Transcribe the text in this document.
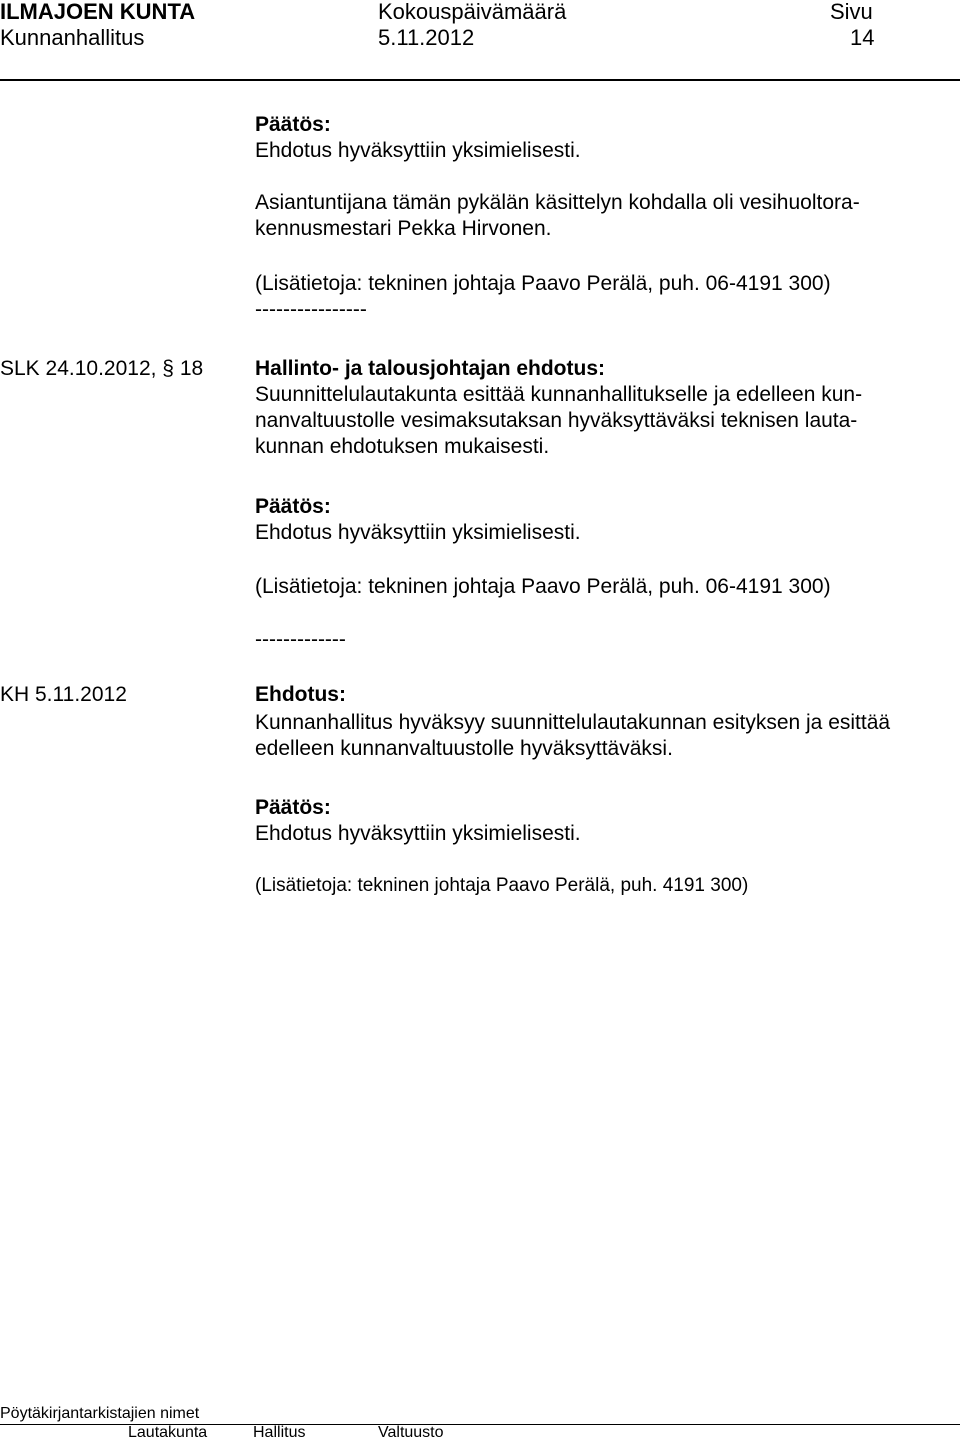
ILMAJOEN KUNTA	Kokouspäivämäärä	Sivu
Kunnanhallitus	5.11.2012	14
Päätös:
Ehdotus hyväksyttiin yksimielisesti.
Asiantuntijana tämän pykälän käsittelyn kohdalla oli vesihuoltora-
kennusmestari Pekka Hirvonen.
(Lisätietoja: tekninen johtaja Paavo Perälä, puh. 06-4191 300)
----------------
SLK 24.10.2012, § 18 Hallinto- ja talousjohtajan ehdotus:
Suunnittelulautakunta esittää kunnanhallitukselle ja edelleen kun-
nanvaltuustolle vesimaksutaksan hyväksyttäväksi teknisen lauta-
kunnan ehdotuksen mukaisesti.
Päätös:
Ehdotus hyväksyttiin yksimielisesti.
(Lisätietoja: tekninen johtaja Paavo Perälä, puh. 06-4191 300)
-------------
KH 5.11.2012	Ehdotus:
Kunnanhallitus hyväksyy suunnittelulautakunnan esityksen ja esittää
edelleen kunnanvaltuustolle hyväksyttäväksi.
Päätös:
Ehdotus hyväksyttiin yksimielisesti.
(Lisätietoja: tekninen johtaja Paavo Perälä, puh. 4191 300)
Pöytäkirjantarkistajien nimet
Lautakunta	Hallitus	Valtuusto
